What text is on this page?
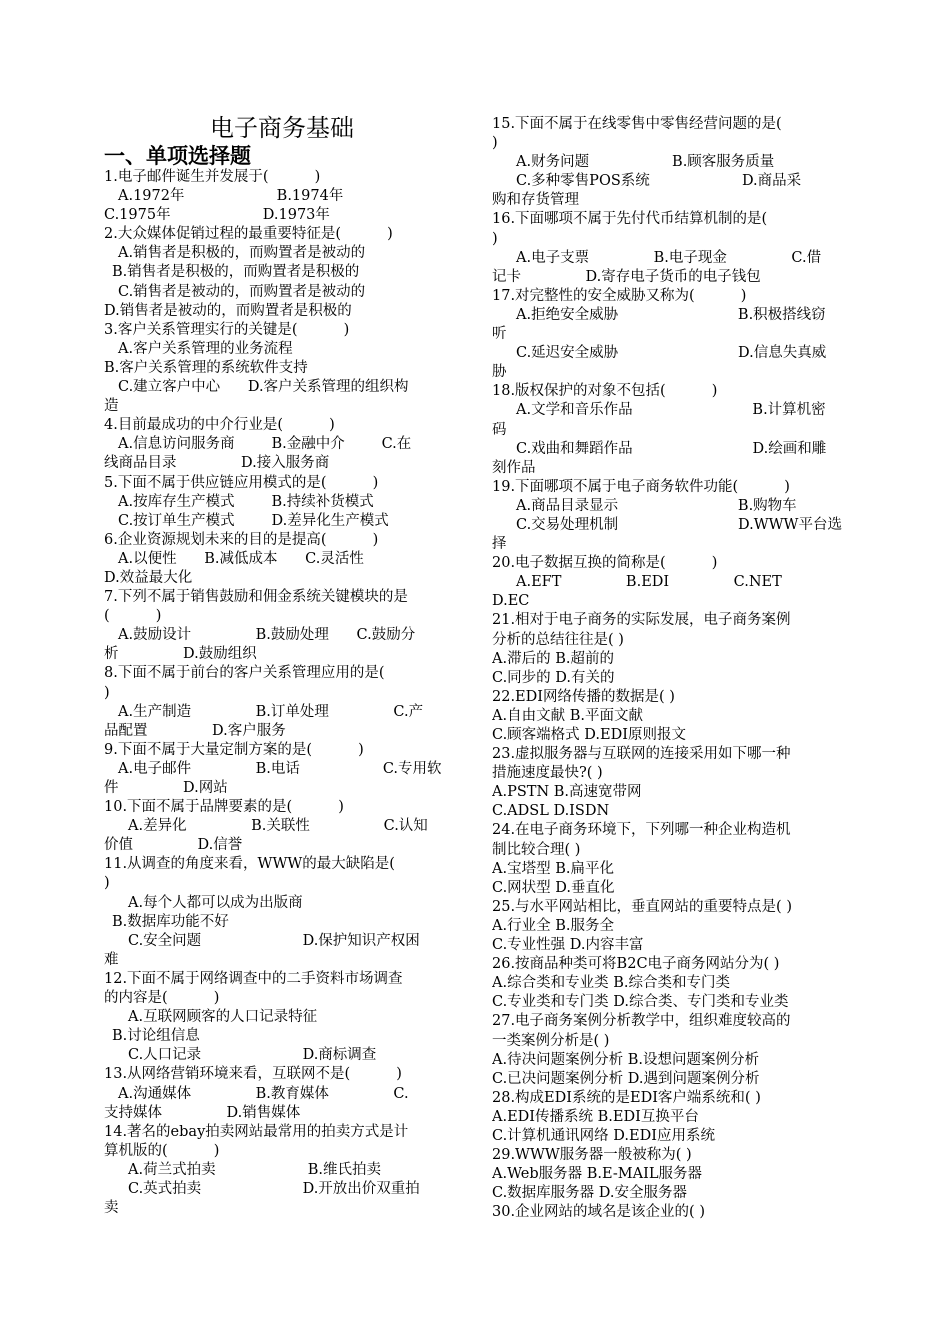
电子商务基础
一、单项选择题
1.电子邮件诞生并发展于(          )
A.1972年                    B.1974年
C.1975年                    D.1973年
2.大众媒体促销过程的最重要特征是(          )
A.销售者是积极的，而购置者是被动的
B.销售者是积极的，而购置者是积极的
C.销售者是被动的，而购置者是被动的
D.销售者是被动的，而购置者是积极的
3.客户关系管理实行的关键是(          )
A.客户关系管理的业务流程
B.客户关系管理的系统软件支持
C.建立客户中心      D.客户关系管理的组织构
造
4.目前最成功的中介行业是(          )
A.信息访问服务商        B.金融中介        C.在
线商品目录              D.接入服务商
5.下面不属于供应链应用模式的是(          )
A.按库存生产模式        B.持续补货模式
C.按订单生产模式        D.差异化生产模式
6.企业资源规划未来的目的是提高(          )
A.以便性      B.减低成本      C.灵活性
D.效益最大化
7.下列不属于销售鼓励和佣金系统关键模块的是
(          )
A.鼓励设计              B.鼓励处理      C.鼓励分
析              D.鼓励组织
8.下面不属于前台的客户关系管理应用的是(
)
A.生产制造              B.订单处理              C.产
品配置              D.客户服务
9.下面不属于大量定制方案的是(          )
A.电子邮件              B.电话                  C.专用软
件              D.网站
10.下面不属于品牌要素的是(          )
A.差异化              B.关联性                C.认知
价值              D.信誉
11.从调查的角度来看，WWW的最大缺陷是(
)
A.每个人都可以成为出版商
B.数据库功能不好
C.安全问题                      D.保护知识产权困
难
12.下面不属于网络调查中的二手资料市场调查
的内容是(          )
A.互联网顾客的人口记录特征
B.讨论组信息
C.人口记录                      D.商标调查
13.从网络营销环境来看，互联网不是(          )
A.沟通媒体              B.教育媒体              C.
支持媒体              D.销售媒体
14.著名的ebay拍卖网站最常用的拍卖方式是计
算机版的(          )
A.荷兰式拍卖                    B.维氏拍卖
C.英式拍卖                      D.开放出价双重拍
卖
15.下面不属于在线零售中零售经营问题的是(
)
A.财务问题                  B.顾客服务质量
C.多种零售POS系统                    D.商品采
购和存货管理
16.下面哪项不属于先付代币结算机制的是(
)
A.电子支票              B.电子现金              C.借
记卡              D.寄存电子货币的电子钱包
17.对完整性的安全威胁又称为(          )
A.拒绝安全威胁                          B.积极搭线窃
听
C.延迟安全威胁                          D.信息失真威
胁
18.版权保护的对象不包括(          )
A.文学和音乐作品                          B.计算机密
码
C.戏曲和舞蹈作品                          D.绘画和雕
刻作品
19.下面哪项不属于电子商务软件功能(          )
A.商品目录显示                          B.购物车
C.交易处理机制                          D.WWW平台选
择
20.电子数据互换的简称是(          )
A.EFT              B.EDI              C.NET
D.EC
21.相对于电子商务的实际发展，电子商务案例
分析的总结往往是( )
A.滞后的 B.超前的
C.同步的 D.有关的
22.EDI网络传播的数据是( )
A.自由文献 B.平面文献
C.顾客端格式 D.EDI原则报文
23.虚拟服务器与互联网的连接采用如下哪一种
措施速度最快?( )
A.PSTN B.高速宽带网
C.ADSL D.ISDN
24.在电子商务环境下，下列哪一种企业构造机
制比较合理( )
A.宝塔型 B.扁平化
C.网状型 D.垂直化
25.与水平网站相比，垂直网站的重要特点是( )
A.行业全 B.服务全
C.专业性强 D.内容丰富
26.按商品种类可将B2C电子商务网站分为( )
A.综合类和专业类 B.综合类和专门类
C.专业类和专门类 D.综合类、专门类和专业类
27.电子商务案例分析教学中，组织难度较高的
一类案例分析是( )
A.待决问题案例分析 B.设想问题案例分析
C.已决问题案例分析 D.遇到问题案例分析
28.构成EDI系统的是EDI客户端系统和( )
A.EDI传播系统 B.EDI互换平台
C.计算机通讯网络 D.EDI应用系统
29.WWW服务器一般被称为( )
A.Web服务器 B.E-MAIL服务器
C.数据库服务器 D.安全服务器
30.企业网站的域名是该企业的( )
